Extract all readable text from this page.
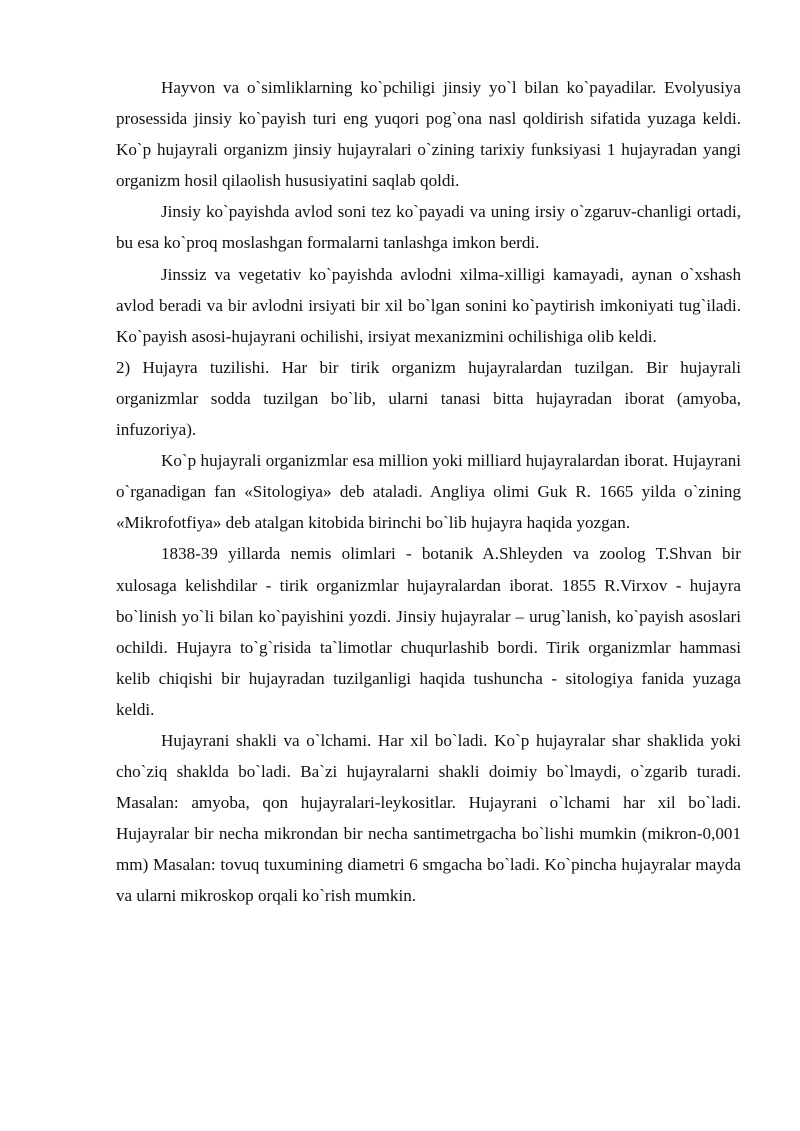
Hayvon va o`simliklarning ko`pchiligi jinsiy yo`l bilan ko`payadilar. Evolyusiya prosessida jinsiy ko`payish turi eng yuqori pog`ona nasl qoldirish sifatida yuzaga keldi. Ko`p hujayrali organizm jinsiy hujayralari o`zining tarixiy funksiyasi 1 hujayradan yangi organizm hosil qilaolish hususiyatini saqlab qoldi.

Jinsiy ko`payishda avlod soni tez ko`payadi va uning irsiy o`zgaruv-chanligi ortadi, bu esa ko`proq moslashgan formalarni tanlashga imkon berdi.

Jinssiz va vegetativ ko`payishda avlodni xilma-xilligi kamayadi, aynan o`xshash avlod beradi va bir avlodni irsiyati bir xil bo`lgan sonini ko`paytirish imkoniyati tug`iladi. Ko`payish asosi-hujayrani ochilishi, irsiyat mexanizmini ochilishiga olib keldi.

2) Hujayra tuzilishi. Har bir tirik organizm hujayralardan tuzilgan. Bir hujayrali organizmlar sodda tuzilgan bo`lib, ularni tanasi bitta hujayradan iborat (amyoba, infuzoriya).

Ko`p hujayrali organizmlar esa million yoki milliard hujayralardan iborat. Hujayrani o`rganadigan fan «Sitologiya» deb ataladi. Angliya olimi Guk R. 1665 yilda o`zining «Mikrofotfiya» deb atalgan kitobida birinchi bo`lib hujayra haqida yozgan.

1838-39 yillarda nemis olimlari - botanik A.Shleyden va zoolog T.Shvan bir xulosaga kelishdilar - tirik organizmlar hujayralardan iborat. 1855 R.Virxov - hujayra bo`linish yo`li bilan ko`payishini yozdi. Jinsiy hujayralar – urug`lanish, ko`payish asoslari ochildi. Hujayra to`g`risida ta`limotlar chuqurlashib bordi. Tirik organizmlar hammasi kelib chiqishi bir hujayradan tuzilganligi haqida tushuncha - sitologiya fanida yuzaga keldi.

Hujayrani shakli va o`lchami. Har xil bo`ladi. Ko`p hujayralar shar shaklida yoki cho`ziq shaklda bo`ladi. Ba`zi hujayralarni shakli doimiy bo`lmaydi, o`zgarib turadi. Masalan: amyoba, qon hujayralari-leykositlar. Hujayrani o`lchami har xil bo`ladi. Hujayralar bir necha mikrondan bir necha santimetrgacha bo`lishi mumkin (mikron-0,001 mm) Masalan: tovuq tuxumining diametri 6 smgacha bo`ladi. Ko`pincha hujayralar mayda va ularni mikroskop orqali ko`rish mumkin.
